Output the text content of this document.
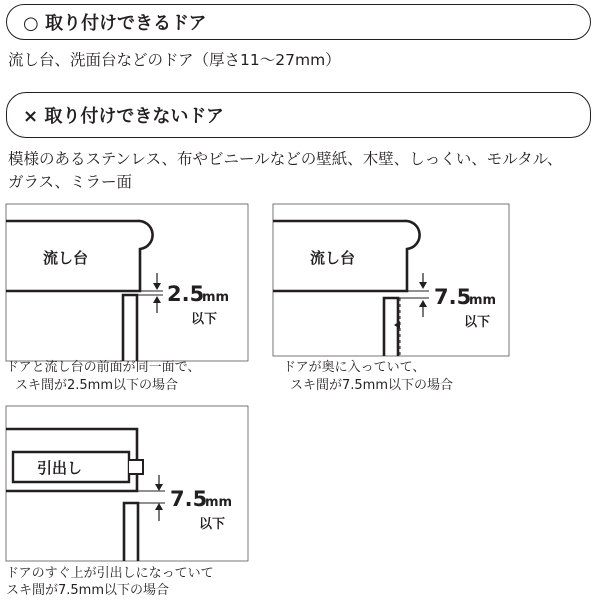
○ 取り付けできるドア
流し台、洗面台などのドア（厚さ11〜27mm）
× 取り付けできないドア
模様のあるステンレス、布やビニールなどの壁紙、木壁、しっくい、モルタル、
ガラス、ミラー面
流し台
2.5
mm
以下
ドアと流し台の前面が同一面で、
スキ間が2.5mm以下の場合
流し台
7.5
mm
以下
ドアが奥に入っていて、
スキ間が7.5mm以下の場合
引出し
7.5
mm
以下
ドアのすぐ上が引出しになっていて
スキ間が7.5mm以下の場合
